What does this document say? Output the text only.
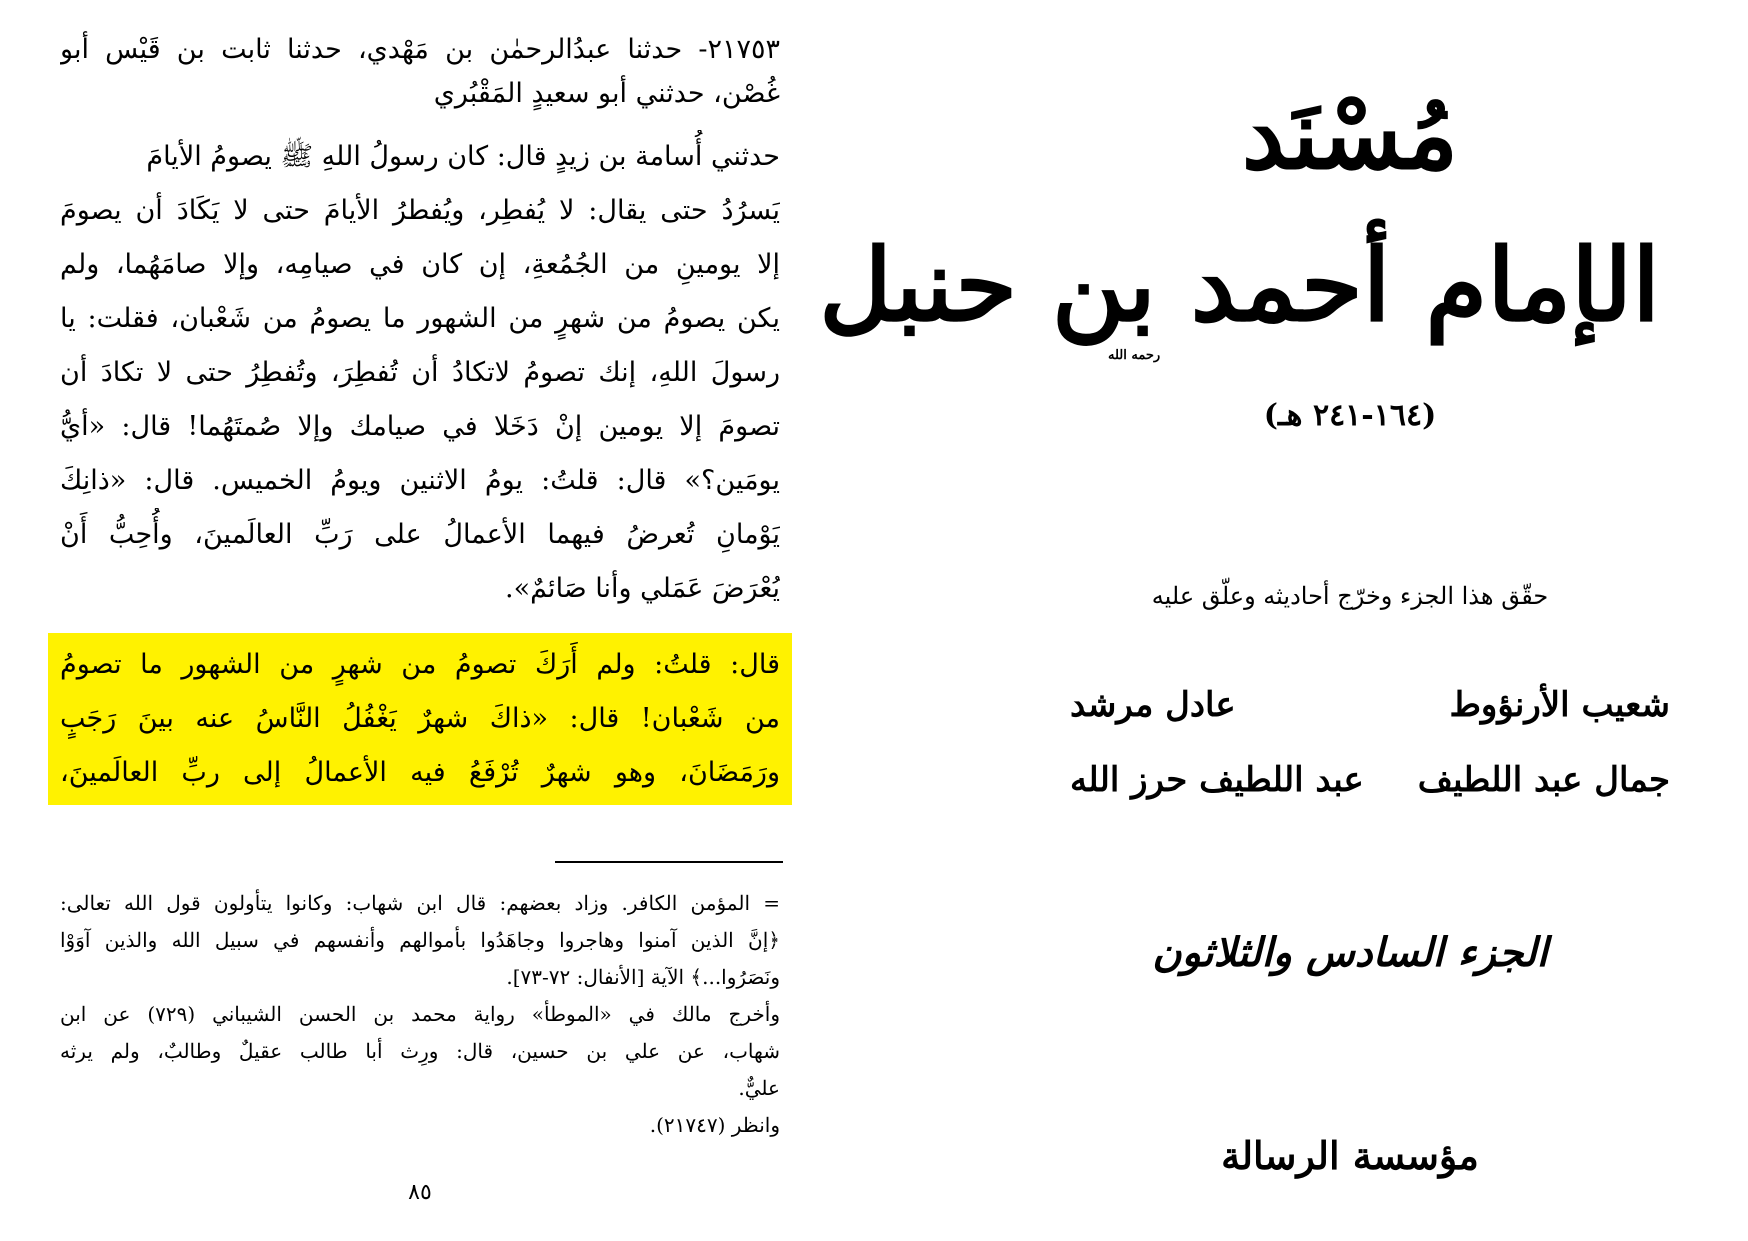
٢١٧٥٣- حدثنا عبدُالرحمٰن بن مَهْدي، حدثنا ثابت بن قَيْس أبو
غُصْن، حدثني أبو سعيدٍ المَقْبُري
حدثني أُسامة بن زيدٍ قال: كان رسولُ اللهِ ﷺ يصومُ الأيامَ
يَسرُدُ حتى يقال: لا يُفطِر، ويُفطرُ الأيامَ حتى لا يَكَادَ أن يصومَ
إلا يومينِ من الجُمُعةِ، إن كان في صيامِه، وإلا صامَهُما، ولم
يكن يصومُ من شهرٍ من الشهور ما يصومُ من شَعْبان، فقلت: يا
رسولَ اللهِ، إنك تصومُ لاتكادُ أن تُفطِرَ، وتُفطِرُ حتى لا تكادَ أن
تصومَ إلا يومين إنْ دَخَلا في صيامك وإلا صُمتَهُما! قال: «أيُّ
يومَين؟» قال: قلتُ: يومُ الاثنين ويومُ الخميس. قال: «ذانِكَ
يَوْمانِ تُعرضُ فيهما الأعمالُ على رَبِّ العالَمينَ، وأُحِبُّ أَنْ
يُعْرَضَ عَمَلي وأنا صَائمٌ».
قال: قلتُ: ولم أَرَكَ تصومُ من شهرٍ من الشهور ما تصومُ
من شَعْبان! قال: «ذاكَ شهرٌ يَغْفُلُ النَّاسُ عنه بينَ رَجَبٍ
ورَمَضَانَ، وهو شهرٌ تُرْفَعُ فيه الأعمالُ إلى ربِّ العالَمينَ،
= المؤمن الكافر. وزاد بعضهم: قال ابن شهاب: وكانوا يتأولون قول الله تعالى:
﴿إنَّ الذين آمنوا وهاجروا وجاهَدُوا بأموالهم وأنفسهم في سبيل الله والذين آوَوْا
ونَصَرُوا...﴾ الآية [الأنفال: ٧٢-٧٣].
وأخرج مالك في «الموطأ» رواية محمد بن الحسن الشيباني (٧٢٩) عن ابن
شهاب، عن علي بن حسين، قال: ورِث أبا طالب عقيلٌ وطالبٌ، ولم يرثه
عليٌّ.
وانظر (٢١٧٤٧).
٨٥
مُسْنَد
الإمام أحمد بن حنبل
رحمه الله
(١٦٤-٢٤١ هـ)
حقّق هذا الجزء وخرّج أحاديثه وعلّق عليه
شعيب الأرنؤوط
عادل مرشد
جمال عبد اللطيف
عبد اللطيف حرز الله
الجزء السادس والثلاثون
مؤسسة الرسالة
